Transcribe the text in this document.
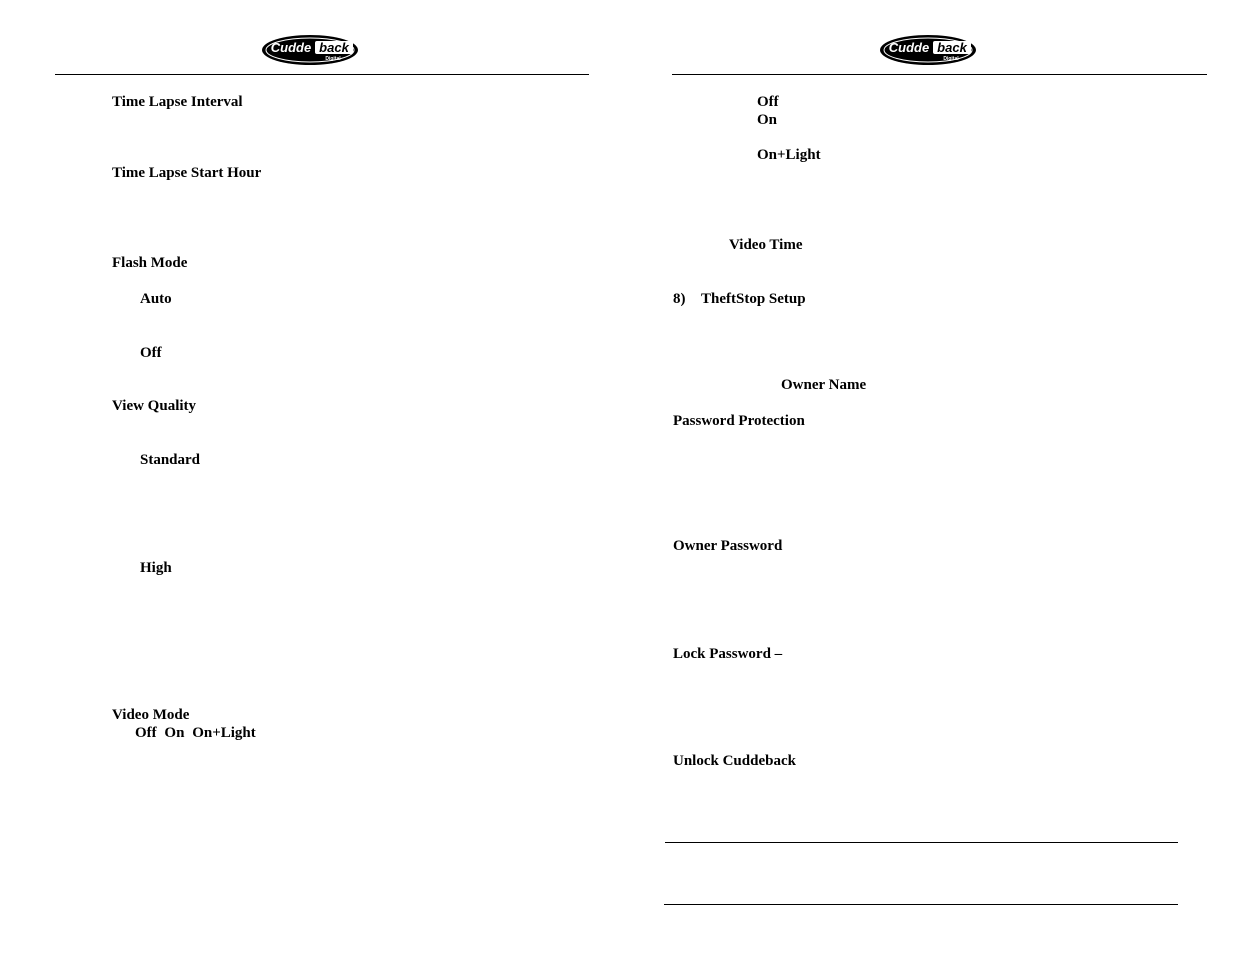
Cudde back
Digital
Time Lapse Interval
Time Lapse Start Hour
Flash Mode
Auto
Off
View Quality
Standard
High
Video Mode
Off On On+Light
Cudde back
Digital
Off
On
On+Light
Video Time
8) TheftStop Setup
Owner Name
Password Protection
Owner Password
Lock Password –
Unlock Cuddeback
